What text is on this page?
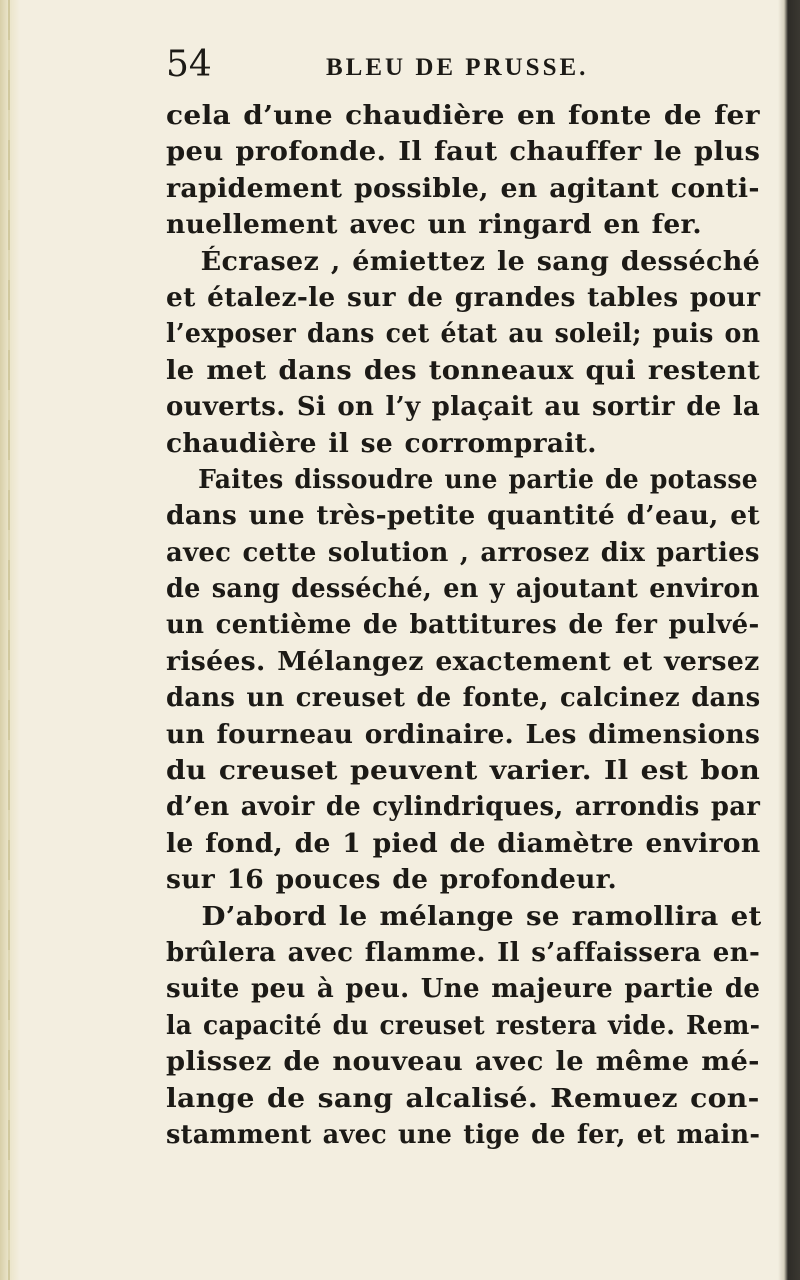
54	BLEU DE PRUSSE.
cela d’une chaudière en fonte de fer
peu profonde. Il faut chauffer le plus
rapidement possible, en agitant conti-
nuellement avec un ringard en fer.
Écrasez , émiettez le sang desséché
et étalez-le sur de grandes tables pour
l’exposer dans cet état au soleil; puis on
le met dans des tonneaux qui restent
ouverts. Si on l’y plaçait au sortir de la
chaudière il se corromprait.
Faites dissoudre une partie de potasse
dans une très-petite quantité d’eau, et
avec cette solution , arrosez dix parties
de sang desséché, en y ajoutant environ
un centième de battitures de fer pulvé-
risées. Mélangez exactement et versez
dans un creuset de fonte, calcinez dans
un fourneau ordinaire. Les dimensions
du creuset peuvent varier. Il est bon
d’en avoir de cylindriques, arrondis par
le fond, de 1 pied de diamètre environ
sur 16 pouces de profondeur.
D’abord le mélange se ramollira et
brûlera avec flamme. Il s’affaissera en-
suite peu à peu. Une majeure partie de
la capacité du creuset restera vide. Rem-
plissez de nouveau avec le même mé-
lange de sang alcalisé. Remuez con-
stamment avec une tige de fer, et main-
